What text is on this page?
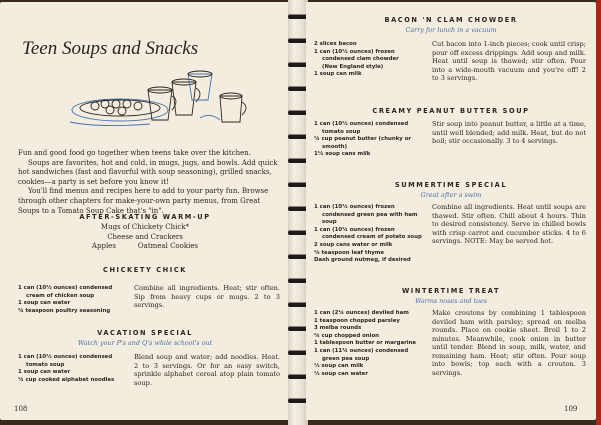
Teen Soups and Snacks

Fun and good food go together when teens take over the kitchen.

Soups are favorites, hot and cold, in mugs, jugs, and bowls. Add quick hot sandwiches (fast and flavorful with soup seasoning), grilled snacks, cookies—a party is set before you know it!

You'll find menus and recipes here to add to your party fun. Browse through other chapters for make-your-own party menus, from Great Soups to a Tomato Soup Cake that's "in".

AFTER-SKATING WARM-UP
Mugs of Chickety Chick*
Cheese and Crackers
Apples	Oatmeal Cookies
CHICKETY CHICK
1 can (10½ ounces) condensed
cream of chicken soup
1 soup can water
¼ teaspoon poultry seasoning
Combine all ingredients. Heat; stir often. Sip from heavy cups or mugs. 2 to 3 servings.
VACATION SPECIAL
Watch your P's and Q's while school's out
1 can (10½ ounces) condensed
tomato soup
1 soup can water
¼ cup cooked alphabet noodles
Blend soup and water; add noodles. Heat. 2 to 3 servings. Or for an easy switch, sprinkle alphabet cereal atop plain tomato soup.
108
BACON 'N CLAM CHOWDER
Carry for lunch in a vacuum
2 slices bacon
1 can (10½ ounces) frozen
condensed clam chowder
(New England style)
1 soup can milk
Cut bacon into 1-inch pieces; cook until crisp; pour off excess drippings. Add soup and milk. Heat until soup is thawed; stir often. Pour into a wide-mouth vacuum and you're off! 2 to 3 servings.
CREAMY PEANUT BUTTER SOUP
1 can (10½ ounces) condensed
tomato soup
¼ cup peanut butter (chunky or
smooth)
1½ soup cans milk
Stir soup into peanut butter, a little at a time, until well blended; add milk. Heat, but do not boil; stir occasionally. 3 to 4 servings.
SUMMERTIME SPECIAL
Great after a swim
1 can (10½ ounces) frozen
condensed green pea with ham
soup
1 can (10¼ ounces) frozen
condensed cream of potato soup
2 soup cans water or milk
⅛ teaspoon leaf thyme
Dash ground nutmeg, if desired
Combine all ingredients. Heat until soups are thawed. Stir often. Chill about 4 hours. Thin to desired consistency. Serve in chilled bowls with crisp carrot and cucumber sticks. 4 to 6 servings. NOTE: May be served hot.
WINTERTIME TREAT
Warms noses and toes
1 can (2¼ ounces) deviled ham
1 teaspoon chopped parsley
3 melba rounds
¼ cup chopped onion
1 tablespoon butter or margarine
1 can (11¼ ounces) condensed
green pea soup
½ soup can milk
½ soup can water
Make croutons by combining 1 tablespoon deviled ham with parsley; spread on melba rounds. Place on cookie sheet. Broil 1 to 2 minutes. Meanwhile, cook onion in butter until tender. Blend in soup, milk, water, and remaining ham. Heat; stir often. Pour soup into bowls; top each with a crouton. 3 servings.
109
